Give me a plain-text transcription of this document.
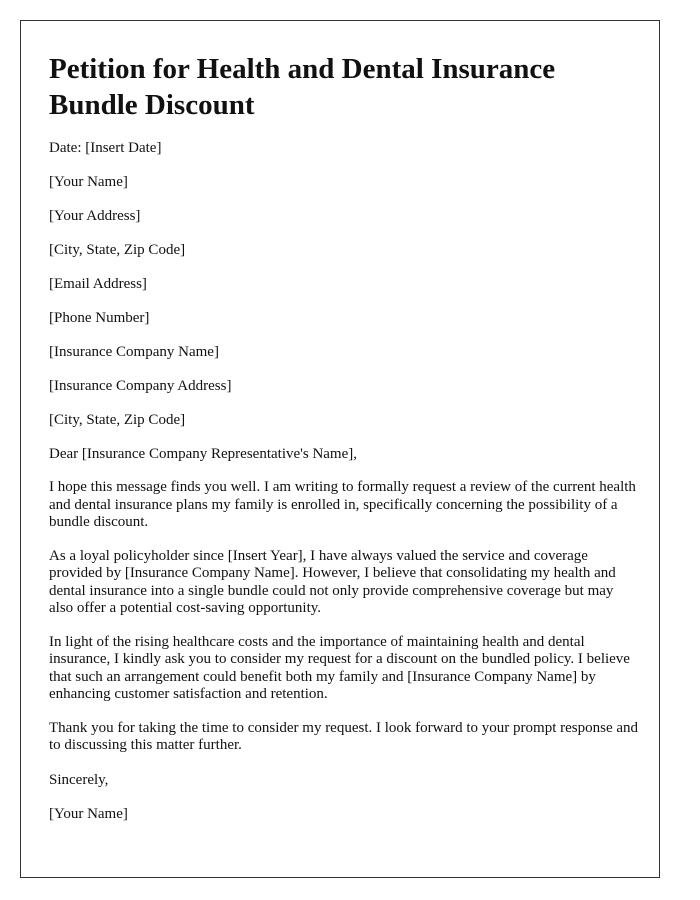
Petition for Health and Dental Insurance Bundle Discount
Date: [Insert Date]
[Your Name]
[Your Address]
[City, State, Zip Code]
[Email Address]
[Phone Number]
[Insurance Company Name]
[Insurance Company Address]
[City, State, Zip Code]
Dear [Insurance Company Representative's Name],

I hope this message finds you well. I am writing to formally request a review of the current health and dental insurance plans my family is enrolled in, specifically concerning the possibility of a bundle discount.

As a loyal policyholder since [Insert Year], I have always valued the service and coverage provided by [Insurance Company Name]. However, I believe that consolidating my health and dental insurance into a single bundle could not only provide comprehensive coverage but may also offer a potential cost-saving opportunity.

In light of the rising healthcare costs and the importance of maintaining health and dental insurance, I kindly ask you to consider my request for a discount on the bundled policy. I believe that such an arrangement could benefit both my family and [Insurance Company Name] by enhancing customer satisfaction and retention.

Thank you for taking the time to consider my request. I look forward to your prompt response and to discussing this matter further.

Sincerely,
[Your Name]
